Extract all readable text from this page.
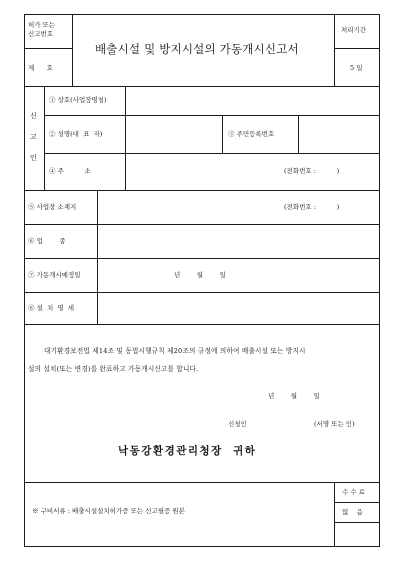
허가 또는
신고번호
제      호
배출시설 및 방지시설의 가동개시신고서
처리기간
5 일
신
고
인
① 상호(사업장명칭)
② 성명(대  표  자)	③ 주민등록번호
④ 주          소	(전화번호 :          )
⑤ 사업장 소재지	(전화번호 :          )
⑥ 업        종
⑦ 가동개시예정일	년        월        일
⑧ 설  치  명  세
대기환경보전법 제14조 및 동법시행규칙 제20조의 규정에 의하여 배출시설 또는 방지시
설의 설치(또는 변경)를 완료하고 가동개시신고를 합니다.
년        월        일
신청인	(서명 또는 인)
낙동강환경관리청장  귀하
※ 구비서류 : 배출시설설치허가증 또는 신고필증 원본
수 수 료
없    음
